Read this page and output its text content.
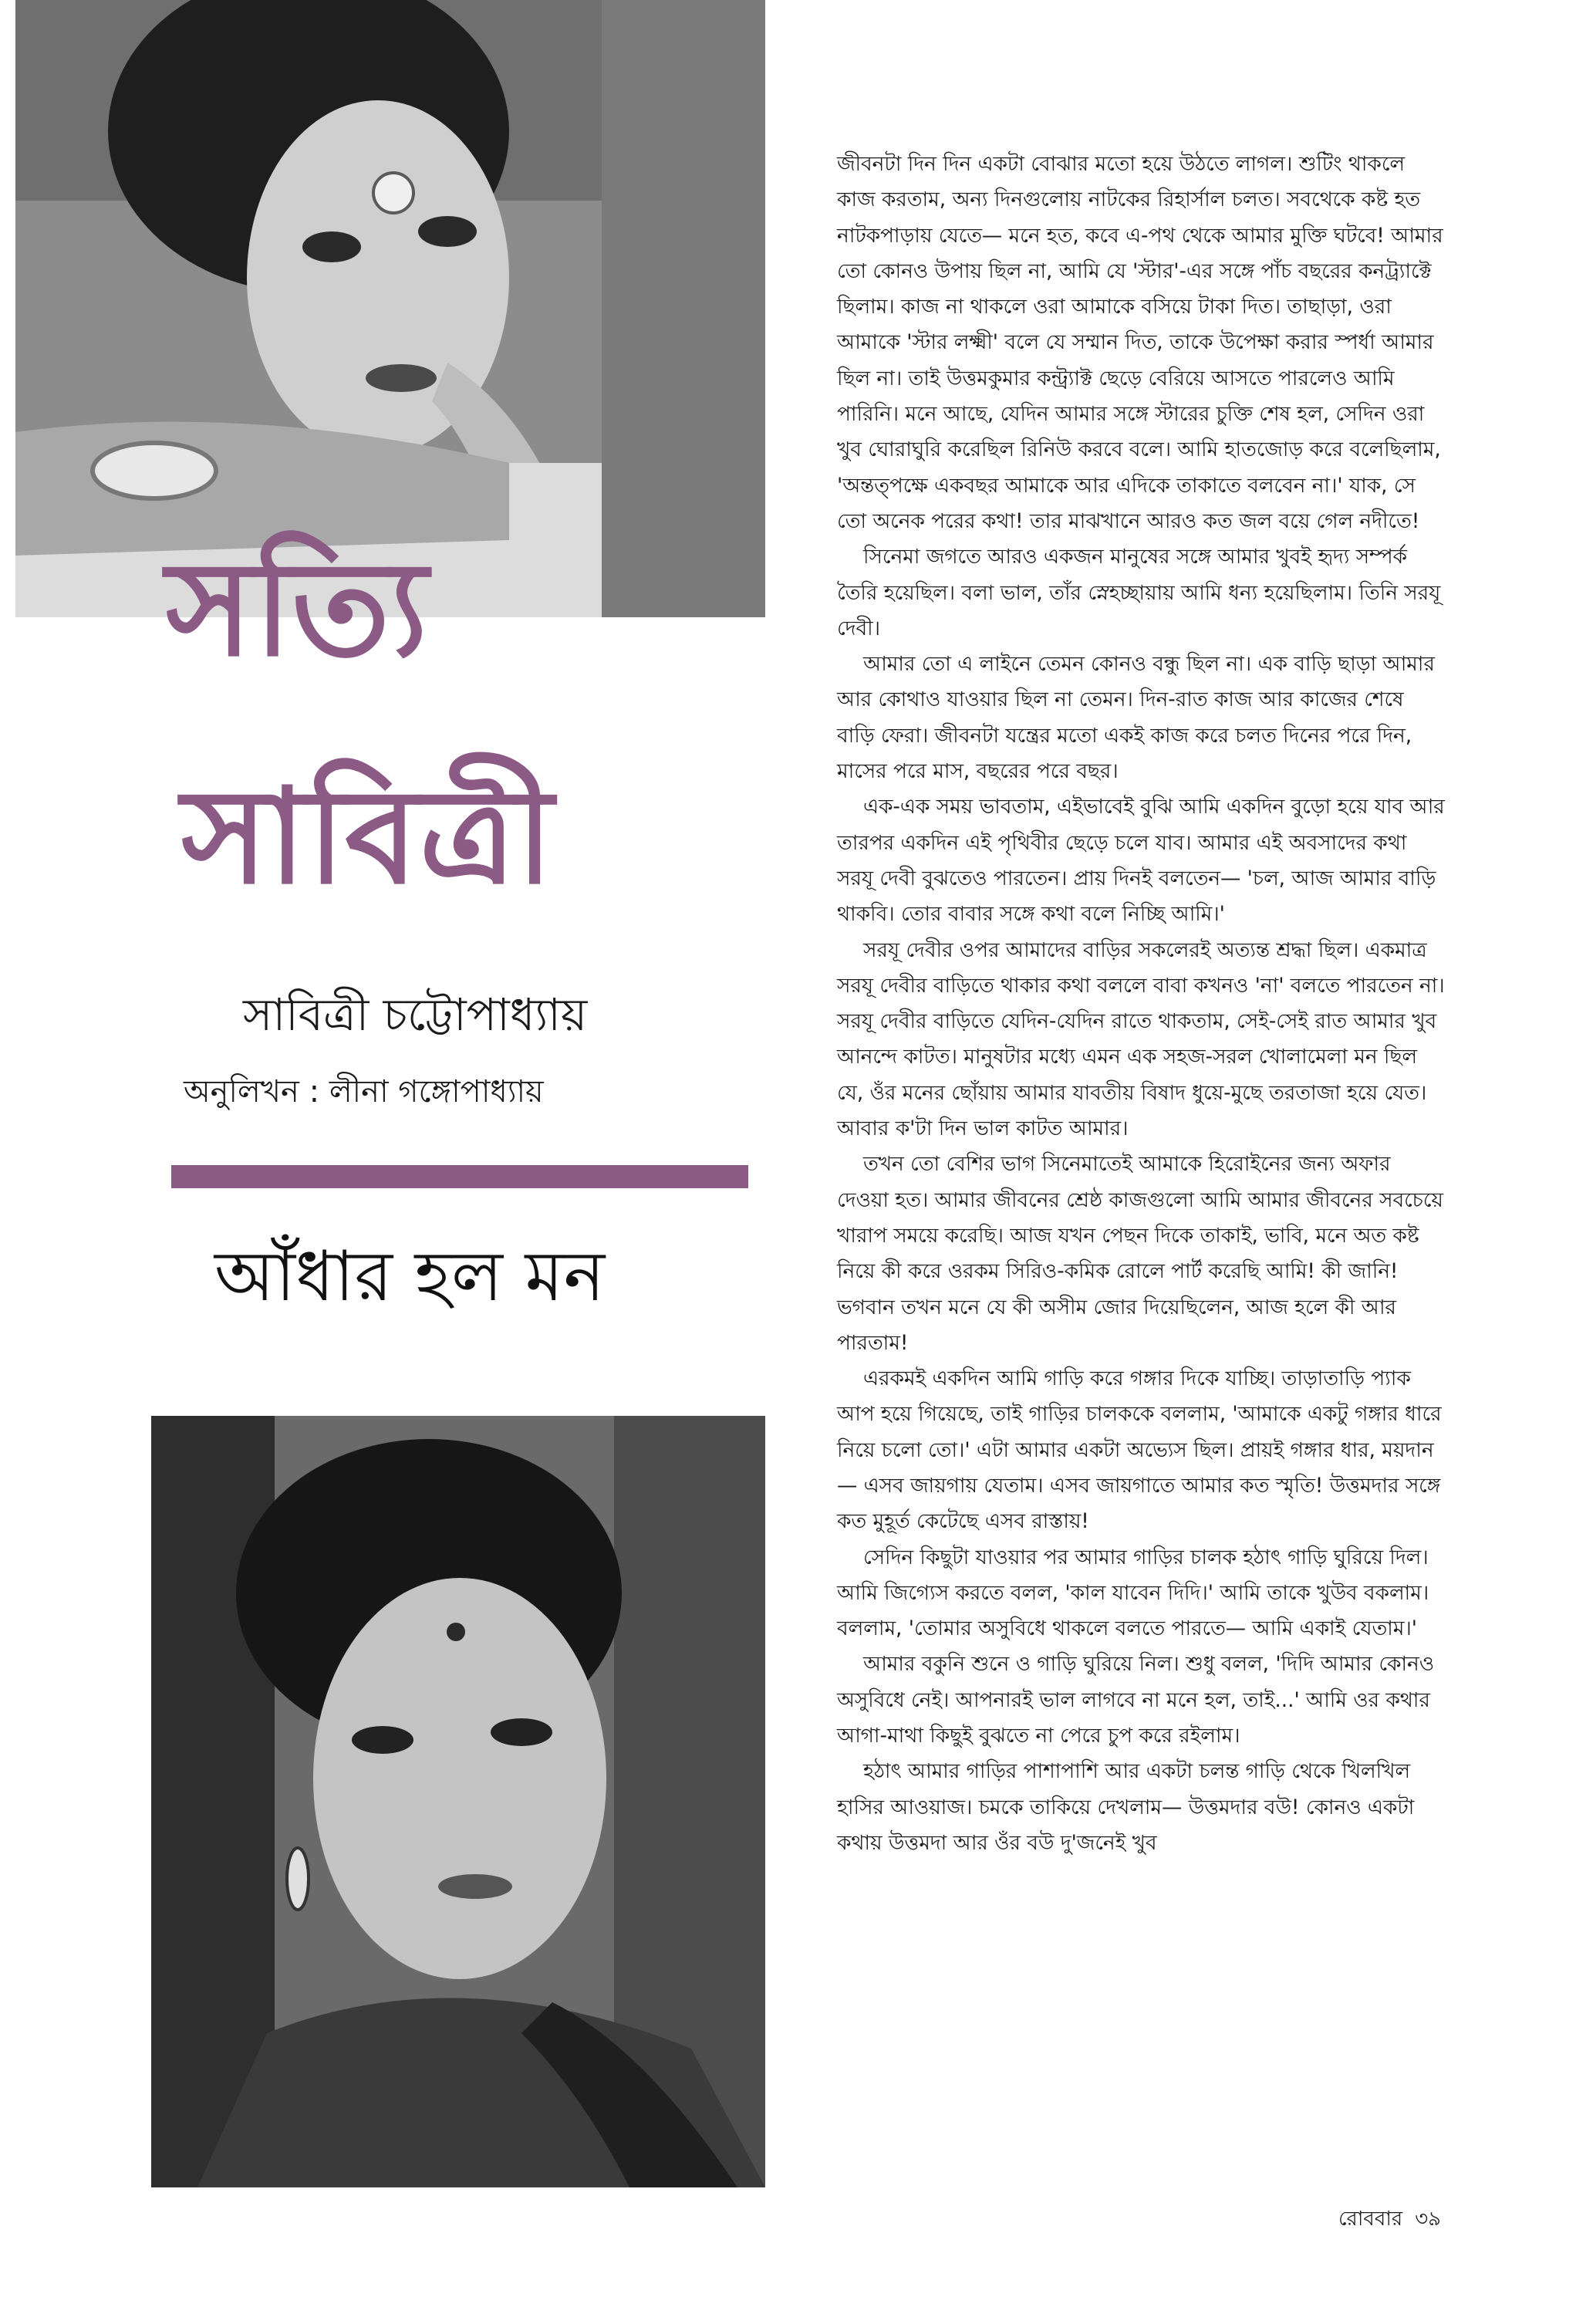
সত্যি
সাবিত্রী
সাবিত্রী চট্টোপাধ্যায়
অনুলিখন : লীনা গঙ্গোপাধ্যায়
আঁধার হল মন

জীবনটা দিন দিন একটা বোঝার মতো হয়ে উঠতে লাগল। শুটিং থাকলে কাজ করতাম, অন্য দিনগুলোয় নাটকের রিহার্সাল চলত। সবথেকে কষ্ট হত নাটকপাড়ায় যেতে— মনে হত, কবে এ-পথ থেকে আমার মুক্তি ঘটবে! আমার তো কোনও উপায় ছিল না, আমি যে 'স্টার'-এর সঙ্গে পাঁচ বছরের কনট্র্যাক্টে ছিলাম। কাজ না থাকলে ওরা আমাকে বসিয়ে টাকা দিত। তাছাড়া, ওরা আমাকে 'স্টার লক্ষ্মী' বলে যে সম্মান দিত, তাকে উপেক্ষা করার স্পর্ধা আমার ছিল না। তাই উত্তমকুমার কন্ট্র্যাক্ট ছেড়ে বেরিয়ে আসতে পারলেও আমি পারিনি। মনে আছে, যেদিন আমার সঙ্গে স্টারের চুক্তি শেষ হল, সেদিন ওরা খুব ঘোরাঘুরি করেছিল রিনিউ করবে বলে। আমি হাতজোড় করে বলেছিলাম, 'অন্তত্পক্ষে একবছর আমাকে আর এদিকে তাকাতে বলবেন না।' যাক, সে তো অনেক পরের কথা! তার মাঝখানে আরও কত জল বয়ে গেল নদীতে!

সিনেমা জগতে আরও একজন মানুষের সঙ্গে আমার খুবই হৃদ্য সম্পর্ক তৈরি হয়েছিল। বলা ভাল, তাঁর স্নেহচ্ছায়ায় আমি ধন্য হয়েছিলাম। তিনি সরযূ দেবী।

আমার তো এ লাইনে তেমন কোনও বন্ধু ছিল না। এক বাড়ি ছাড়া আমার আর কোথাও যাওয়ার ছিল না তেমন। দিন-রাত কাজ আর কাজের শেষে বাড়ি ফেরা। জীবনটা যন্ত্রের মতো একই কাজ করে চলত দিনের পরে দিন, মাসের পরে মাস, বছরের পরে বছর।

এক-এক সময় ভাবতাম, এইভাবেই বুঝি আমি একদিন বুড়ো হয়ে যাব আর তারপর একদিন এই পৃথিবীর ছেড়ে চলে যাব। আমার এই অবসাদের কথা সরযূ দেবী বুঝতেও পারতেন। প্রায় দিনই বলতেন— 'চল, আজ আমার বাড়ি থাকবি। তোর বাবার সঙ্গে কথা বলে নিচ্ছি আমি।'

সরযূ দেবীর ওপর আমাদের বাড়ির সকলেরই অত্যন্ত শ্রদ্ধা ছিল। একমাত্র সরযূ দেবীর বাড়িতে থাকার কথা বললে বাবা কখনও 'না' বলতে পারতেন না। সরযূ দেবীর বাড়িতে যেদিন-যেদিন রাতে থাকতাম, সেই-সেই রাত আমার খুব আনন্দে কাটত। মানুষটার মধ্যে এমন এক সহজ-সরল খোলামেলা মন ছিল যে, ওঁর মনের ছোঁয়ায় আমার যাবতীয় বিষাদ ধুয়ে-মুছে তরতাজা হয়ে যেত। আবার ক'টা দিন ভাল কাটত আমার।

তখন তো বেশির ভাগ সিনেমাতেই আমাকে হিরোইনের জন্য অফার দেওয়া হত। আমার জীবনের শ্রেষ্ঠ কাজগুলো আমি আমার জীবনের সবচেয়ে খারাপ সময়ে করেছি। আজ যখন পেছন দিকে তাকাই, ভাবি, মনে অত কষ্ট নিয়ে কী করে ওরকম সিরিও-কমিক রোলে পার্ট করেছি আমি! কী জানি! ভগবান তখন মনে যে কী অসীম জোর দিয়েছিলেন, আজ হলে কী আর পারতাম!

এরকমই একদিন আমি গাড়ি করে গঙ্গার দিকে যাচ্ছি। তাড়াতাড়ি প্যাক আপ হয়ে গিয়েছে, তাই গাড়ির চালককে বললাম, 'আমাকে একটু গঙ্গার ধারে নিয়ে চলো তো।' এটা আমার একটা অভ্যেস ছিল। প্রায়ই গঙ্গার ধার, ময়দান— এসব জায়গায় যেতাম। এসব জায়গাতে আমার কত স্মৃতি! উত্তমদার সঙ্গে কত মুহূর্ত কেটেছে এসব রাস্তায়!

সেদিন কিছুটা যাওয়ার পর আমার গাড়ির চালক হঠাৎ গাড়ি ঘুরিয়ে দিল। আমি জিগ্যেস করতে বলল, 'কাল যাবেন দিদি।' আমি তাকে খুউব বকলাম। বললাম, 'তোমার অসুবিধে থাকলে বলতে পারতে— আমি একাই যেতাম।'

আমার বকুনি শুনে ও গাড়ি ঘুরিয়ে নিল। শুধু বলল, 'দিদি আমার কোনও অসুবিধে নেই। আপনারই ভাল লাগবে না মনে হল, তাই...' আমি ওর কথার আগা-মাথা কিছুই বুঝতে না পেরে চুপ করে রইলাম।

হঠাৎ আমার গাড়ির পাশাপাশি আর একটা চলন্ত গাড়ি থেকে খিলখিল হাসির আওয়াজ। চমকে তাকিয়ে দেখলাম— উত্তমদার বউ! কোনও একটা কথায় উত্তমদা আর ওঁর বউ দু'জনেই খুব

রোববার ৩৯
